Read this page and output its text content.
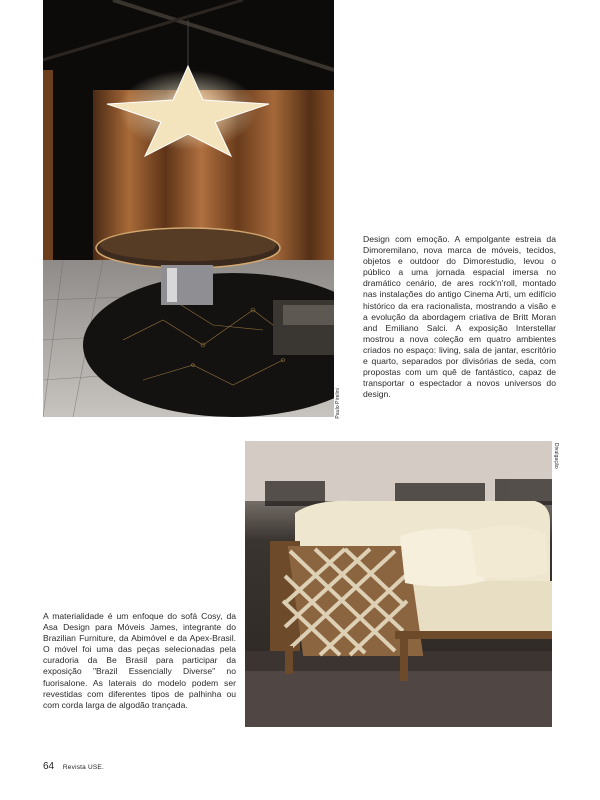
Paulo Pirelini

Design com emoção. A empolgante estreia da Dimoremilano, nova marca de móveis, tecidos, objetos e outdoor do Dimorestudio, levou o público a uma jornada espacial imersa no dramático cenário, de ares rock'n'roll, montado nas instalações do antigo Cinema Arti, um edifício histórico da era racionalista, mostrando a visão e a evolução da abordagem criativa de Britt Moran and Emiliano Salci. A exposição Interstellar mostrou a nova coleção em quatro ambientes criados no espaço: living, sala de jantar, escritório e quarto, separados por divisórias de seda, com propostas com um quê de fantástico, capaz de transportar o espectador a novos universos do design.

Divulgação

A materialidade é um enfoque do sofá Cosy, da Asa Design para Móveis James, integrante do Brazilian Furniture, da Abimóvel e da Apex-Brasil. O móvel foi uma das peças selecionadas pela curadoria da Be Brasil para participar da exposição "Brazil Essencially Diverse" no fuorisalone. As laterais do modelo podem ser revestidas com diferentes tipos de palhinha ou com corda larga de algodão trançada.

64 Revista USE.
